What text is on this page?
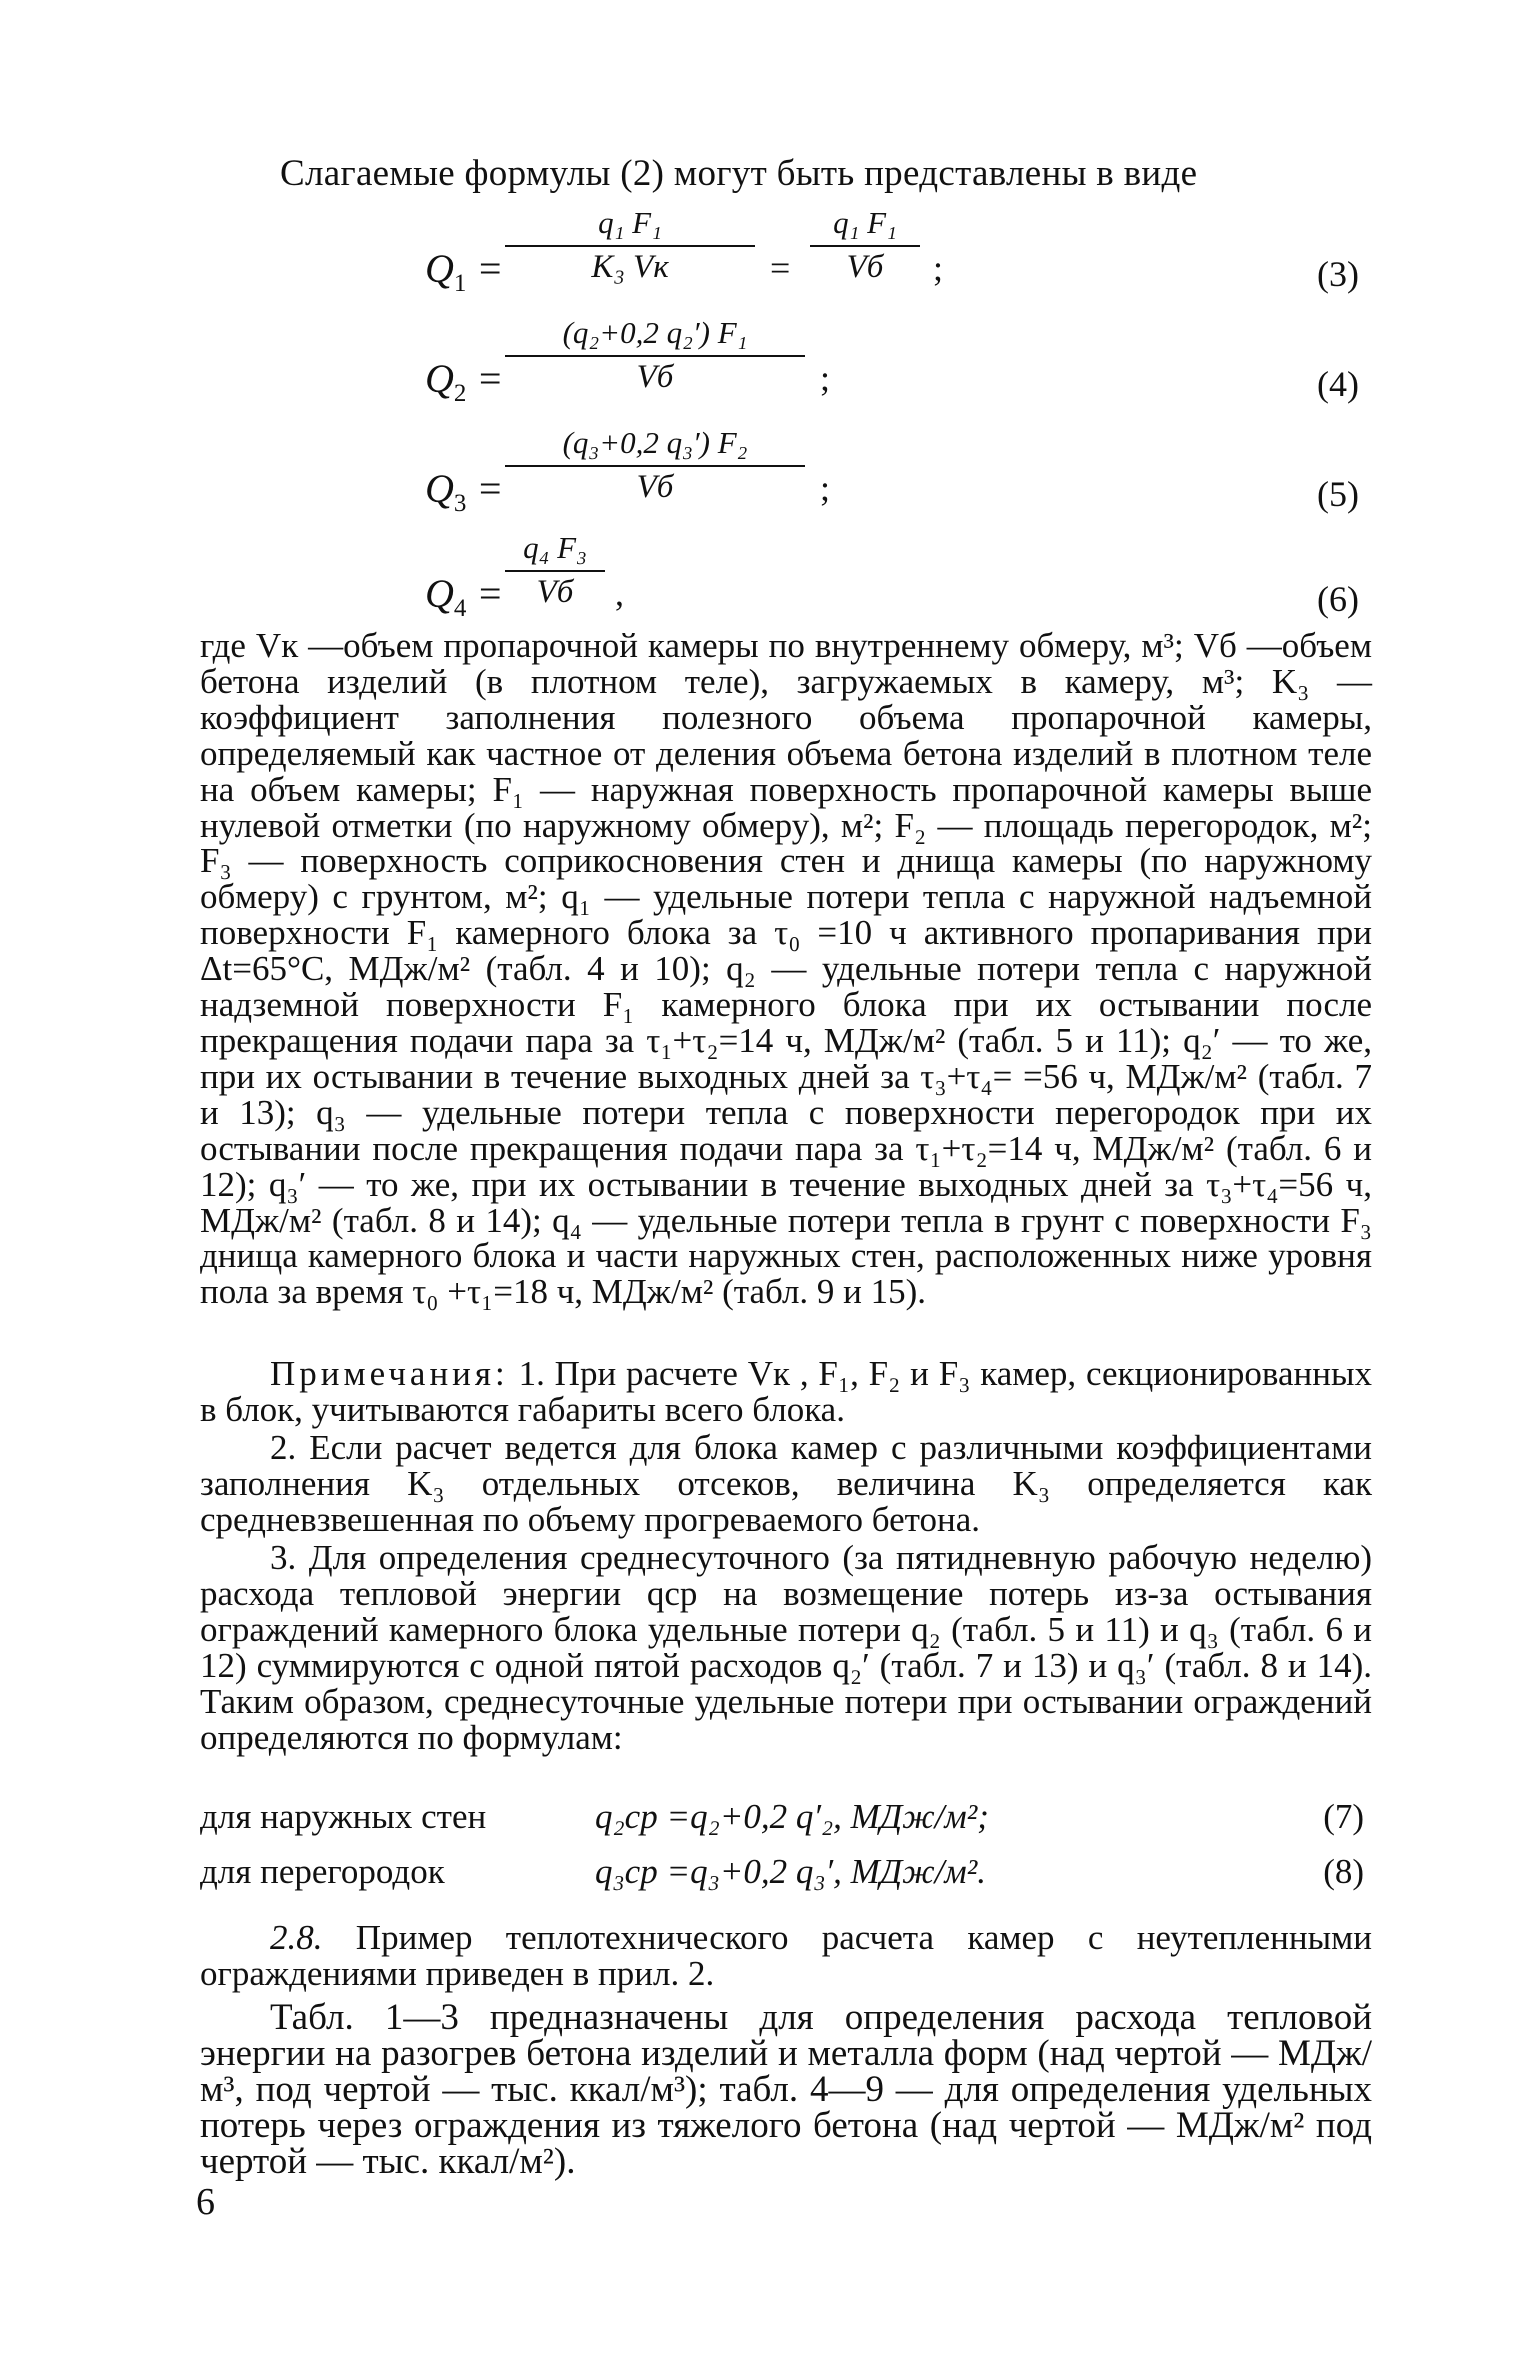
Слагаемые формулы (2) могут быть представлены в виде
$Q_1$ =
q₁ F₁
K₃ Vк	=
q₁ F₁
Vб	;	(3)
$Q_2$ =
(q₂+0,2 q₂′) F₁
Vб	;	(4)
$Q_3$ =
(q₃+0,2 q₃′) F₂
Vб	;	(5)
$Q_4$ =
q₄ F₃
Vб	,	(6)
где Vк —объем пропарочной камеры по внутреннему обмеру, м³; Vб —объем бетона изделий (в плотном теле), загружаемых в камеру, м³; K₃ —коэффициент заполнения полезного объема пропарочной камеры, определяемый как частное от деления объема бетона изделий в плотном теле на объем камеры; F₁ — наружная поверхность пропарочной камеры выше нулевой отметки (по наружному обмеру), м²; F₂ — площадь перегородок, м²; F₃ — поверхность соприкосновения стен и днища камеры (по наружному обмеру) с грунтом, м²; q₁ — удельные потери тепла с наружной надъемной поверхности F₁ камерного блока за τ₀ =10 ч активного пропаривания при Δt=65°С, МДж/м² (табл. 4 и 10); q₂ — удельные потери тепла с наружной надземной поверхности F₁ камерного блока при их остывании после прекращения подачи пара за τ₁+τ₂=14 ч, МДж/м² (табл. 5 и 11); q₂′ — то же, при их остывании в течение выходных дней за τ₃+τ₄= =56 ч, МДж/м² (табл. 7 и 13); q₃ — удельные потери тепла с поверхности перегородок при их остывании после прекращения подачи пара за τ₁+τ₂=14 ч, МДж/м² (табл. 6 и 12); q₃′ — то же, при их остывании в течение выходных дней за τ₃+τ₄=56 ч, МДж/м² (табл. 8 и 14); q₄ — удельные потери тепла в грунт с поверхности F₃ днища камерного блока и части наружных стен, расположенных ниже уровня пола за время τ₀ +τ₁=18 ч, МДж/м² (табл. 9 и 15).
Примечания: 1. При расчете Vк , F₁, F₂ и F₃ камер, секционированных в блок, учитываются габариты всего блока.
2. Если расчет ведется для блока камер с различными коэффициентами заполнения K₃ отдельных отсеков, величина K₃ определяется как средневзвешенная по объему прогреваемого бетона.
3. Для определения среднесуточного (за пятидневную рабочую неделю) расхода тепловой энергии qср на возмещение потерь из-за остывания ограждений камерного блока удельные потери q₂ (табл. 5 и 11) и q₃ (табл. 6 и 12) суммируются с одной пятой расходов q₂′ (табл. 7 и 13) и q₃′ (табл. 8 и 14). Таким образом, среднесуточные удельные потери при остывании ограждений определяются по формулам:
для наружных стен	q₂ср =q₂+0,2 q′₂, МДж/м²;	(7)
для перегородок	q₃ср =q₃+0,2 q₃′, МДж/м².	(8)
2.8. Пример теплотехнического расчета камер с неутепленными ограждениями приведен в прил. 2.
Табл. 1—3 предназначены для определения расхода тепловой энергии на разогрев бетона изделий и металла форм (над чертой — МДж/м³, под чертой — тыс. ккал/м³); табл. 4—9 — для определения удельных потерь через ограждения из тяжелого бетона (над чертой — МДж/м² под чертой — тыс. ккал/м²).
6
